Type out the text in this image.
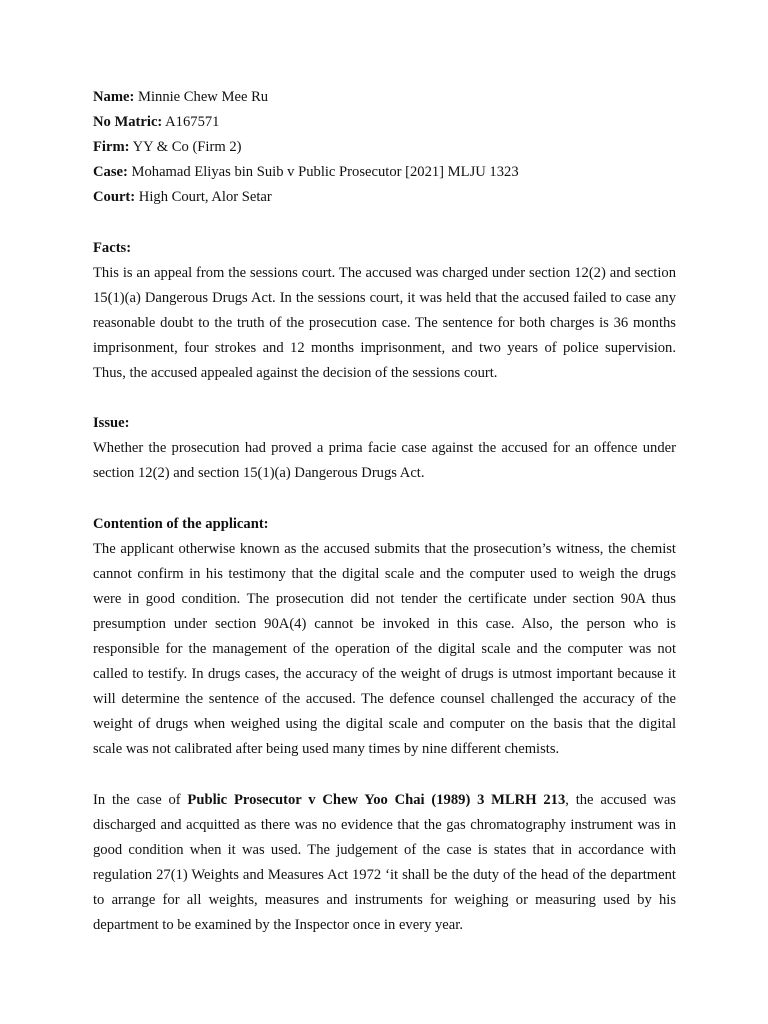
Name: Minnie Chew Mee Ru

No Matric: A167571

Firm: YY & Co (Firm 2)

Case: Mohamad Eliyas bin Suib v Public Prosecutor [2021] MLJU 1323

Court: High Court, Alor Setar

Facts:

This is an appeal from the sessions court. The accused was charged under section 12(2) and section 15(1)(a) Dangerous Drugs Act. In the sessions court, it was held that the accused failed to case any reasonable doubt to the truth of the prosecution case. The sentence for both charges is 36 months imprisonment, four strokes and 12 months imprisonment, and two years of police supervision. Thus, the accused appealed against the decision of the sessions court.

Issue:

Whether the prosecution had proved a prima facie case against the accused for an offence under section 12(2) and section 15(1)(a) Dangerous Drugs Act.

Contention of the applicant:

The applicant otherwise known as the accused submits that the prosecution’s witness, the chemist cannot confirm in his testimony that the digital scale and the computer used to weigh the drugs were in good condition. The prosecution did not tender the certificate under section 90A thus presumption under section 90A(4) cannot be invoked in this case. Also, the person who is responsible for the management of the operation of the digital scale and the computer was not called to testify. In drugs cases, the accuracy of the weight of drugs is utmost important because it will determine the sentence of the accused. The defence counsel challenged the accuracy of the weight of drugs when weighed using the digital scale and computer on the basis that the digital scale was not calibrated after being used many times by nine different chemists.

In the case of Public Prosecutor v Chew Yoo Chai (1989) 3 MLRH 213, the accused was discharged and acquitted as there was no evidence that the gas chromatography instrument was in good condition when it was used. The judgement of the case is states that in accordance with regulation 27(1) Weights and Measures Act 1972 ‘it shall be the duty of the head of the department to arrange for all weights, measures and instruments for weighing or measuring used by his department to be examined by the Inspector once in every year.
